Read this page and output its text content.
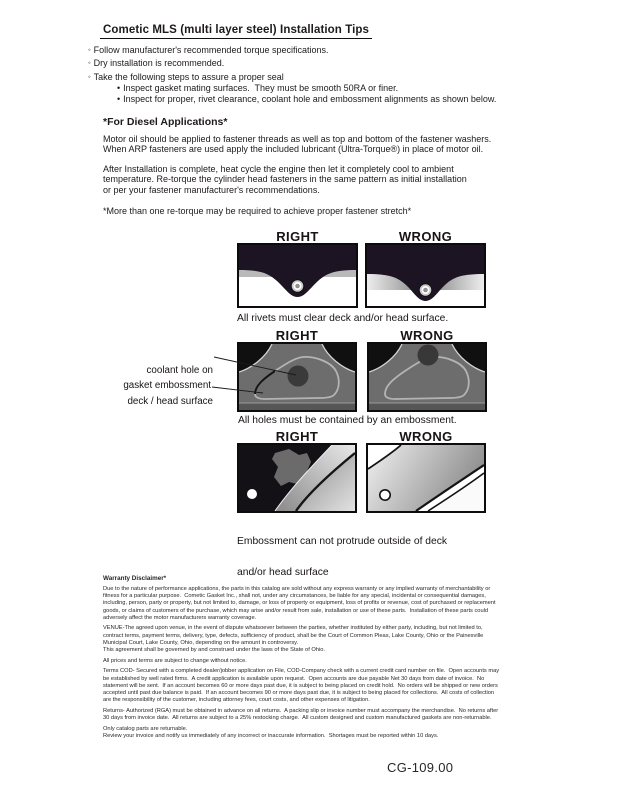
Cometic MLS (multi layer steel) Installation Tips
◦ Follow manufacturer's recommended torque specifications.
◦ Dry installation is recommended.
◦ Take the following steps to assure a proper seal
• Inspect gasket mating surfaces.  They must be smooth 50RA or finer.
• Inspect for proper, rivet clearance, coolant hole and embossment alignments as shown below.
*For Diesel Applications*
Motor oil should be applied to fastener threads as well as top and bottom of the fastener washers.
When ARP fasteners are used apply the included lubricant (Ultra-Torque®) in place of motor oil.
After Installation is complete, heat cycle the engine then let it completely cool to ambient
temperature. Re-torque the cylinder head fasteners in the same pattern as initial installation
or per your fastener manufacturer's recommendations.
*More than one re-torque may be required to achieve proper fastener stretch*
RIGHT	WRONG
All rivets must clear deck and/or head surface.

coolant hole on

deck / head surface

gasket embossment
RIGHT	WRONG
All holes must be contained by an embossment.
RIGHT	WRONG

Embossment can not protrude outside of deck

and/or head surface

Warranty Disclaimer*
Due to the nature of performance applications, the parts in this catalog are sold without any express warranty or any implied warranty of merchantability or
fitness for a particular purpose.  Cometic Gasket Inc., shall not, under any circumstances, be liable for any special, incidental or consequential damages,
including, person, party or property, but not limited to, damage, or loss of property or equipment, loss of profits or revenue, cost of purchased or replacement
goods, or claims of customers of the purchase, which may arise and/or result from sale, installation or use of these parts.  Installation of these parts could
adversely affect the motor manufacturers warranty coverage.
VENUE-The agreed upon venue, in the event of dispute whatsoever between the parties, whether instituted by either party, including, but not limited to,
contract terms, payment terms, delivery, type, defects, sufficiency of product, shall be the Court of Common Pleas, Lake County, Ohio or the Painesville
Municipal Court, Lake County, Ohio, depending on the amount in controversy.
This agreement shall be governed by and construed under the laws of the State of Ohio.
All prices and terms are subject to change without notice.
Terms COD- Secured with a completed dealer/jobber application on File, COD-Company check with a current credit card number on file.  Open accounts may
be established by well rated firms.  A credit application is available upon request.  Open accounts are due payable Net 30 days from date of invoice.  No
statement will be sent.  If an account becomes 60 or more days past due, it is subject to being placed on credit hold.  No orders will be shipped or new orders
accepted until past due balance is paid.  If an account becomes 90 or more days past due, it is subject to being placed for collections.  All costs of collection
are the responsibility of the customer, including attorney fees, court costs, and other expenses of litigation.
Returns- Authorized (RGA) must be obtained in advance on all returns.  A packing slip or invoice number must accompany the merchandise.  No returns after
30 days from invoice date.  All returns are subject to a 25% restocking charge.  All custom designed and custom manufactured gaskets are non-returnable.
Only catalog parts are returnable.
Review your invoice and notify us immediately of any incorrect or inaccurate information.  Shortages must be reported within 10 days.
CG-109.00
